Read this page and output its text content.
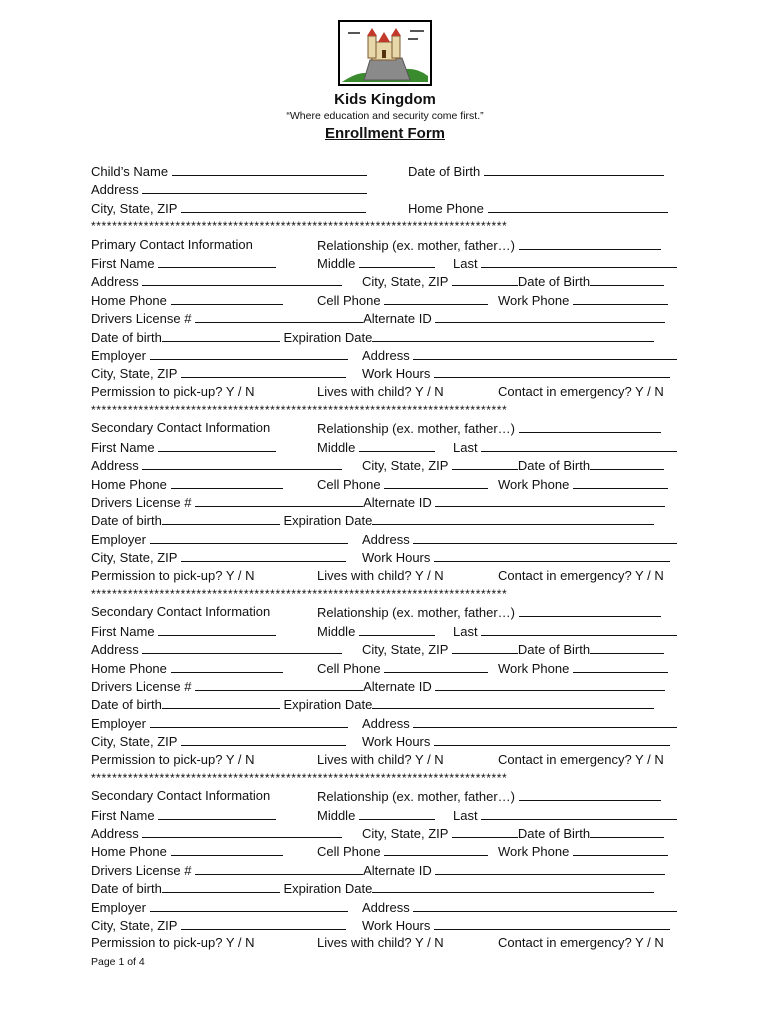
Kids Kingdom
“Where education and security come first.”
Enrollment Form
Child’s Name	Date of Birth
Address
City, State, ZIP	Home Phone
*******************************************************************************
Primary Contact Information	Relationship (ex. mother, father…)
First Name	Middle	Last
Address	City, State, ZIP	Date of Birth
Home Phone	Cell Phone	Work Phone
Drivers License #	Alternate ID
Date of birth	Expiration Date
Employer	Address
City, State, ZIP	Work Hours
Permission to pick-up? Y / N	Lives with child? Y / N	Contact in emergency? Y / N
*******************************************************************************
Secondary Contact Information	Relationship (ex. mother, father…)
First Name	Middle	Last
Address	City, State, ZIP	Date of Birth
Home Phone	Cell Phone	Work Phone
Drivers License #	Alternate ID
Date of birth	Expiration Date
Employer	Address
City, State, ZIP	Work Hours
Permission to pick-up? Y / N	Lives with child? Y / N	Contact in emergency? Y / N
*******************************************************************************
Secondary Contact Information	Relationship (ex. mother, father…)
First Name	Middle	Last
Address	City, State, ZIP	Date of Birth
Home Phone	Cell Phone	Work Phone
Drivers License #	Alternate ID
Date of birth	Expiration Date
Employer	Address
City, State, ZIP	Work Hours
Permission to pick-up? Y / N	Lives with child? Y / N	Contact in emergency? Y / N
*******************************************************************************
Secondary Contact Information	Relationship (ex. mother, father…)
First Name	Middle	Last
Address	City, State, ZIP	Date of Birth
Home Phone	Cell Phone	Work Phone
Drivers License #	Alternate ID
Date of birth	Expiration Date
Employer	Address
City, State, ZIP	Work Hours
Permission to pick-up? Y / N	Lives with child? Y / N	Contact in emergency? Y / N
Page 1 of 4
